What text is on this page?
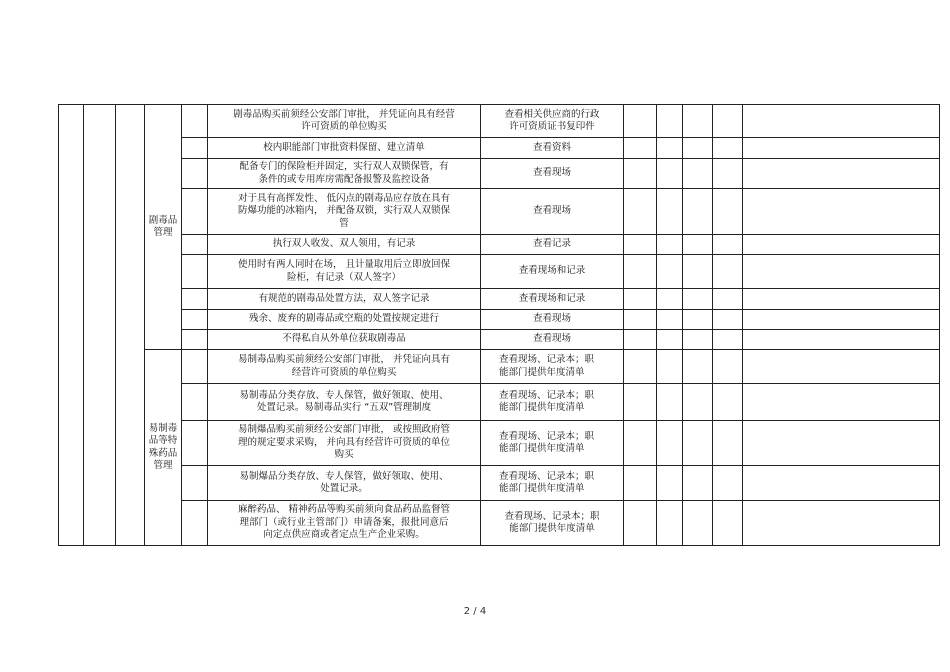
			剧毒品管理		剧毒品购买前须经公安部门审批， 并凭证向具有经营
许可资质的单位购买	查看相关供应商的行政
许可资质证书复印件					
					校内职能部门审批资料保留、建立清单	查看资料					
					配备专门的保险柜并固定，实行双人双锁保管，有
条件的或专用库房需配备报警及监控设备	查看现场					
					对于具有高挥发性、 低闪点的剧毒品应存放在具有
防爆功能的冰箱内， 并配备双锁，实行双人双锁保
管	查看现场					
					执行双人收发、双人领用，有记录	查看记录					
					使用时有两人同时在场， 且计量取用后立即放回保
险柜，有记录（双人签字）	查看现场和记录					
					有规范的剧毒品处置方法，双人签字记录	查看现场和记录					
					残余、废弃的剧毒品或空瓶的处置按规定进行	查看现场					
					不得私自从外单位获取剧毒品	查看现场					
			易制毒品等特殊药品管理		易制毒品购买前须经公安部门审批， 并凭证向具有
经营许可资质的单位购买	查看现场、记录本；职
能部门提供年度清单					
					易制毒品分类存放、专人保管，做好领取、使用、
处置记录。易制毒品实行 “五双”管理制度	查看现场、记录本；职
能部门提供年度清单					
					易制爆品购买前须经公安部门审批， 或按照政府管
理的规定要求采购， 并向具有经营许可资质的单位
购买	查看现场、记录本；职
能部门提供年度清单					
					易制爆品分类存放、专人保管，做好领取、使用、
处置记录。	查看现场、记录本；职
能部门提供年度清单					
					麻醉药品、 精神药品等购买前须向食品药品监督管
理部门（或行业主管部门）申请备案，报批同意后
向定点供应商或者定点生产企业采购。	查看现场、记录本；职
能部门提供年度清单					
2 / 4
